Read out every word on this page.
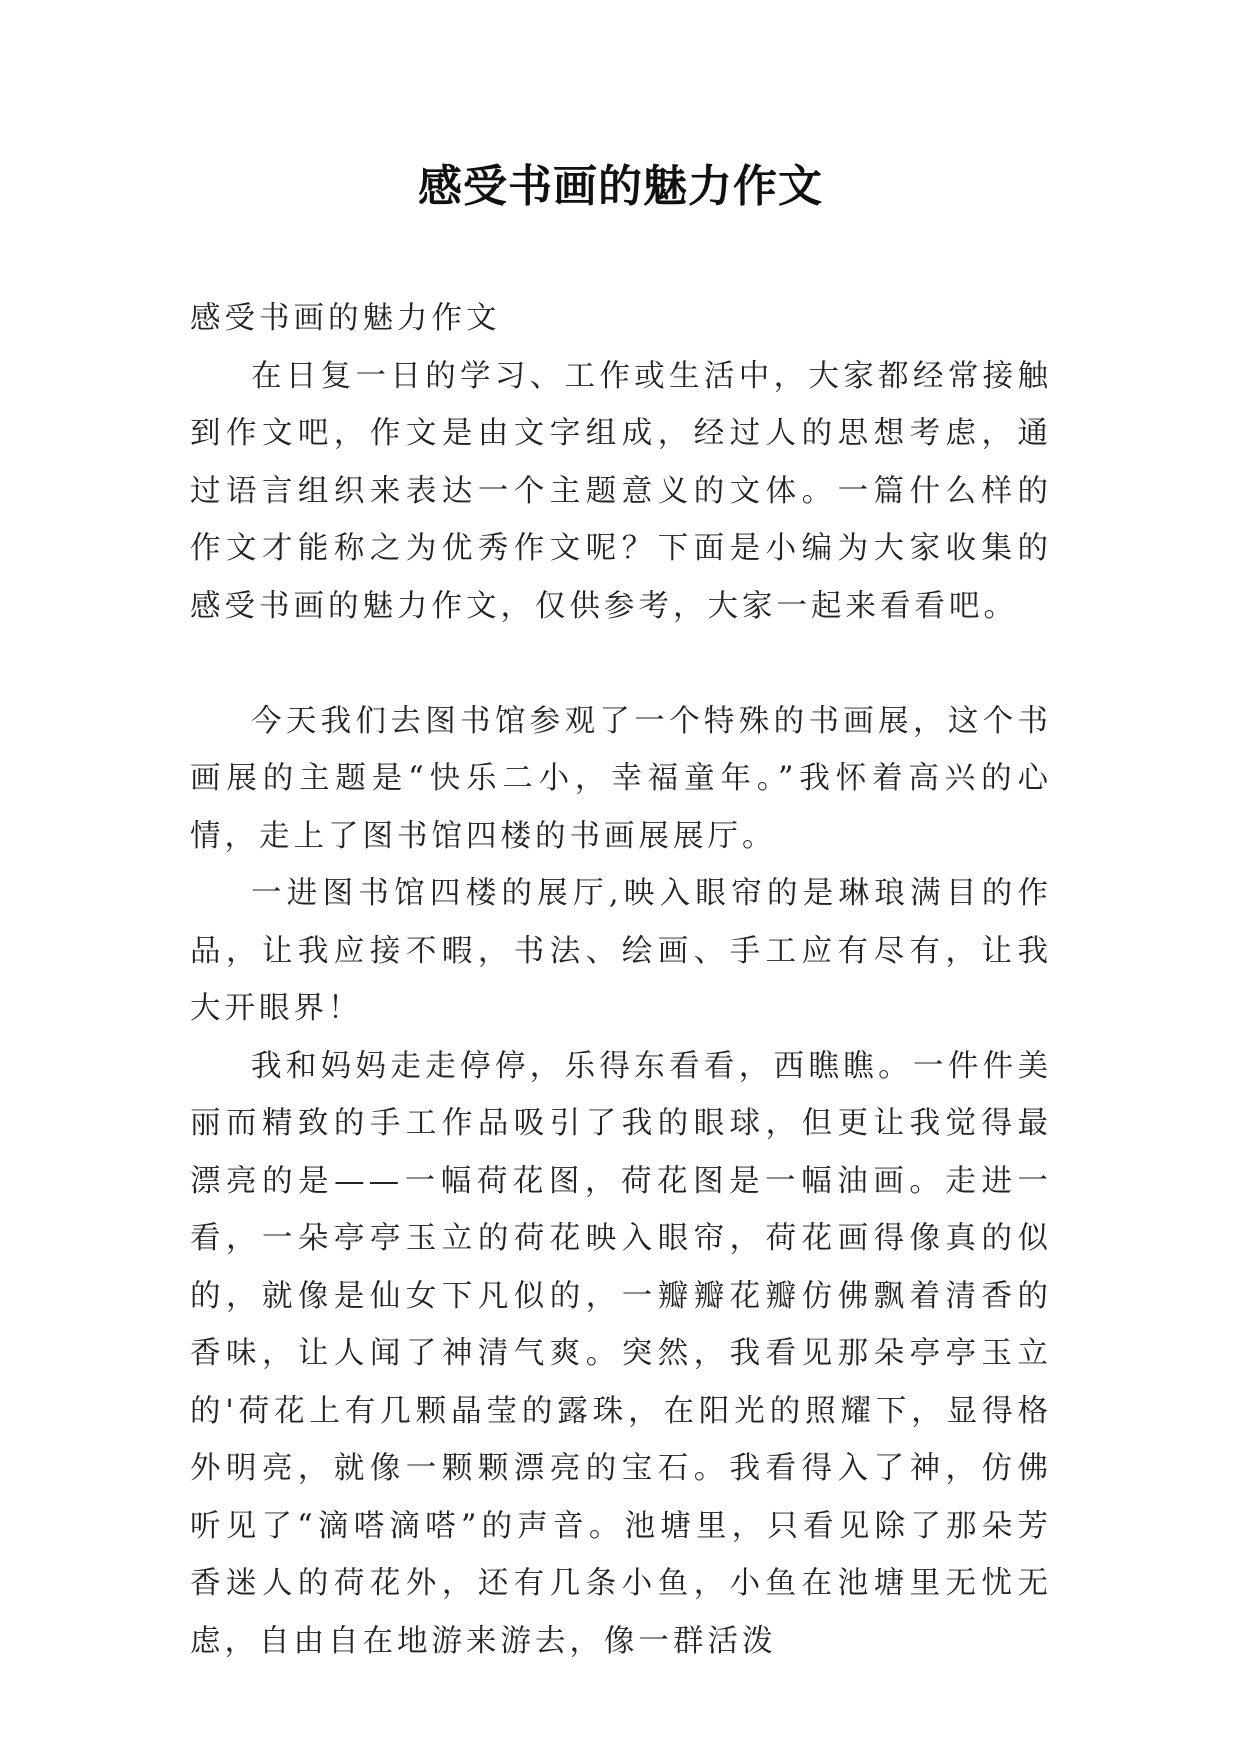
感受书画的魅力作文

感受书画的魅力作文

在日复一日的学习、工作或生活中，大家都经常接触到作文吧，作文是由文字组成，经过人的思想考虑，通过语言组织来表达一个主题意义的文体。一篇什么样的作文才能称之为优秀作文呢？下面是小编为大家收集的感受书画的魅力作文，仅供参考，大家一起来看看吧。

今天我们去图书馆参观了一个特殊的书画展，这个书画展的主题是“快乐二小，幸福童年。”我怀着高兴的心情，走上了图书馆四楼的书画展展厅。

一进图书馆四楼的展厅,映入眼帘的是琳琅满目的作品，让我应接不暇，书法、绘画、手工应有尽有，让我大开眼界！

我和妈妈走走停停，乐得东看看，西瞧瞧。一件件美丽而精致的手工作品吸引了我的眼球，但更让我觉得最漂亮的是——一幅荷花图，荷花图是一幅油画。走进一看，一朵亭亭玉立的荷花映入眼帘，荷花画得像真的似的，就像是仙女下凡似的，一瓣瓣花瓣仿佛飘着清香的香味，让人闻了神清气爽。突然，我看见那朵亭亭玉立的'荷花上有几颗晶莹的露珠，在阳光的照耀下，显得格外明亮，就像一颗颗漂亮的宝石。我看得入了神，仿佛听见了“滴嗒滴嗒”的声音。池塘里，只看见除了那朵芳香迷人的荷花外，还有几条小鱼，小鱼在池塘里无忧无虑，自由自在地游来游去，像一群活泼
